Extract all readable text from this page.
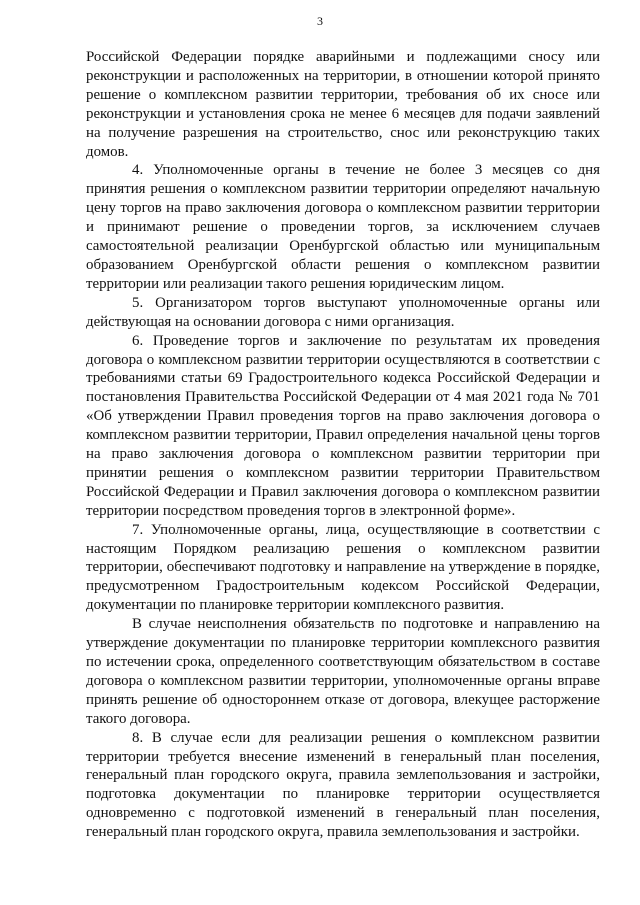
3

Российской Федерации порядке аварийными и подлежащими сносу или реконструкции и расположенных на территории, в отношении которой принято решение о комплексном развитии территории, требования об их сносе или реконструкции и установления срока не менее 6 месяцев для подачи заявлений на получение разрешения на строительство, снос или реконструкцию таких домов.

4. Уполномоченные органы в течение не более 3 месяцев со дня принятия решения о комплексном развитии территории определяют начальную цену торгов на право заключения договора о комплексном развитии территории и принимают решение о проведении торгов, за исключением случаев самостоятельной реализации Оренбургской областью или муниципальным образованием Оренбургской области решения о комплексном развитии территории или реализации такого решения юридическим лицом.

5. Организатором торгов выступают уполномоченные органы или действующая на основании договора с ними организация.

6. Проведение торгов и заключение по результатам их проведения договора о комплексном развитии территории осуществляются в соответствии с требованиями статьи 69 Градостроительного кодекса Российской Федерации и постановления Правительства Российской Федерации от 4 мая 2021 года № 701 «Об утверждении Правил проведения торгов на право заключения договора о комплексном развитии территории, Правил определения начальной цены торгов на право заключения договора о комплексном развитии территории при принятии решения о комплексном развитии территории Правительством Российской Федерации и Правил заключения договора о комплексном развитии территории посредством проведения торгов в электронной форме».

7. Уполномоченные органы, лица, осуществляющие в соответствии с настоящим Порядком реализацию решения о комплексном развитии территории, обеспечивают подготовку и направление на утверждение в порядке, предусмотренном Градостроительным кодексом Российской Федерации, документации по планировке территории комплексного развития.

В случае неисполнения обязательств по подготовке и направлению на утверждение документации по планировке территории комплексного развития по истечении срока, определенного соответствующим обязательством в составе договора о комплексном развитии территории, уполномоченные органы вправе принять решение об одностороннем отказе от договора, влекущее расторжение такого договора.

8. В случае если для реализации решения о комплексном развитии территории требуется внесение изменений в генеральный план поселения, генеральный план городского округа, правила землепользования и застройки, подготовка документации по планировке территории осуществляется одновременно с подготовкой изменений в генеральный план поселения, генеральный план городского округа, правила землепользования и застройки.
